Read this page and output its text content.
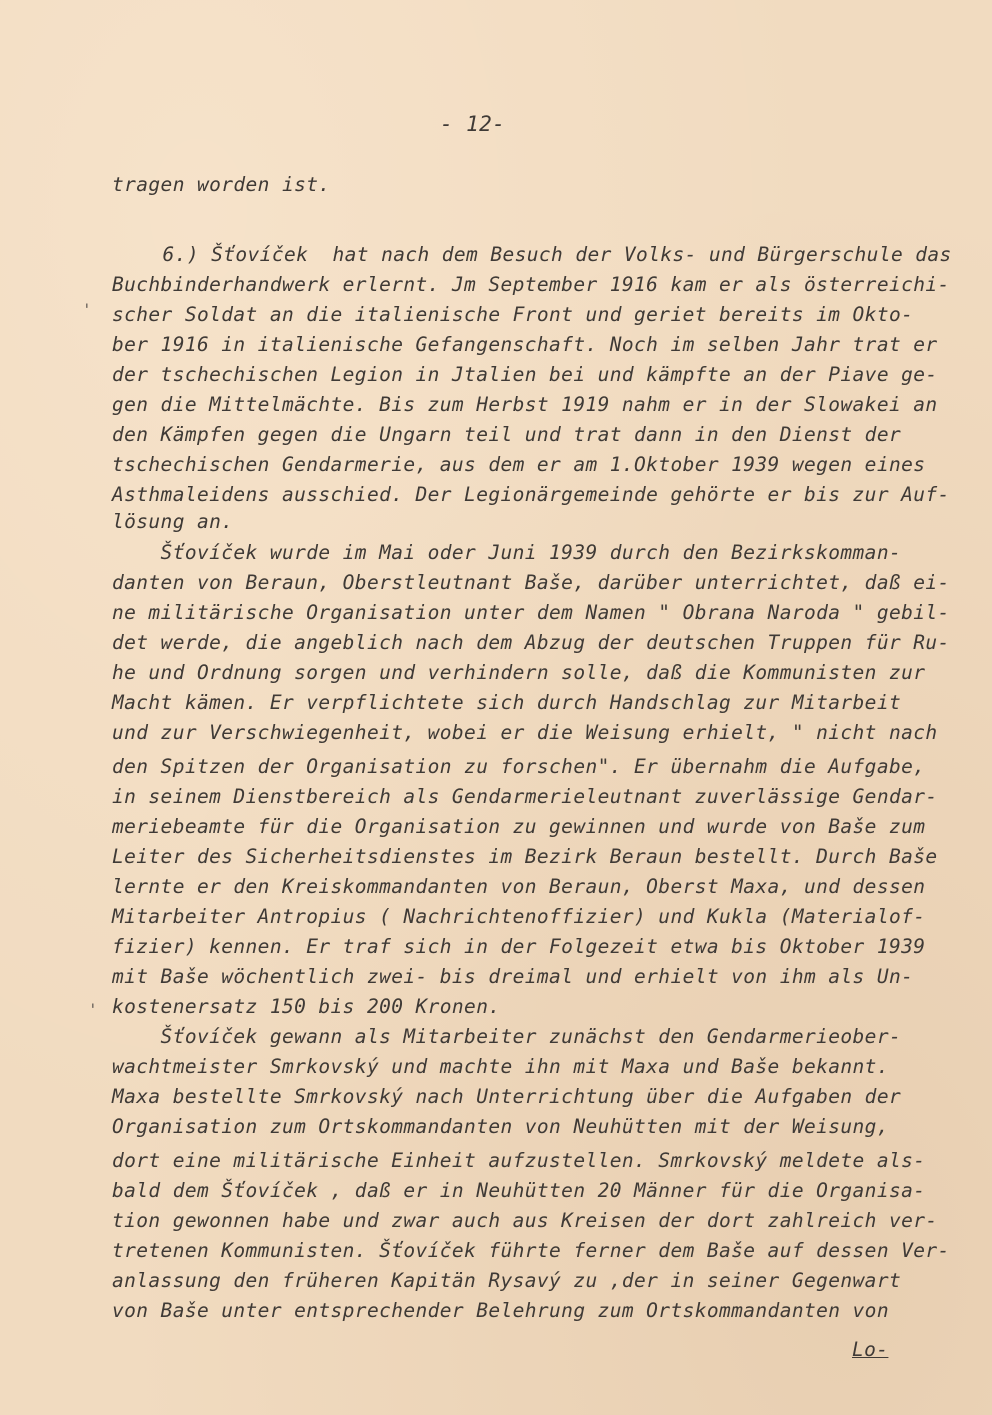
- 12-
tragen worden ist.
6.) Šťovíček  hat nach dem Besuch der Volks- und Bürgerschule das
Buchbinderhandwerk erlernt. Jm September 1916 kam er als österreichi-
scher Soldat an die italienische Front und geriet bereits im Okto-
ber 1916 in italienische Gefangenschaft. Noch im selben Jahr trat er
der tschechischen Legion in Jtalien bei und kämpfte an der Piave ge-
gen die Mittelmächte. Bis zum Herbst 1919 nahm er in der Slowakei an
den Kämpfen gegen die Ungarn teil und trat dann in den Dienst der
tschechischen Gendarmerie, aus dem er am 1.Oktober 1939 wegen eines
Asthmaleidens ausschied. Der Legionärgemeinde gehörte er bis zur Auf-
lösung an.
Šťovíček wurde im Mai oder Juni 1939 durch den Bezirkskomman-
danten von Beraun, Oberstleutnant Baše, darüber unterrichtet, daß ei-
ne militärische Organisation unter dem Namen " Obrana Naroda " gebil-
det werde, die angeblich nach dem Abzug der deutschen Truppen für Ru-
he und Ordnung sorgen und verhindern solle, daß die Kommunisten zur
Macht kämen. Er verpflichtete sich durch Handschlag zur Mitarbeit
und zur Verschwiegenheit, wobei er die Weisung erhielt, " nicht nach
den Spitzen der Organisation zu forschen". Er übernahm die Aufgabe,
in seinem Dienstbereich als Gendarmerieleutnant zuverlässige Gendar-
meriebeamte für die Organisation zu gewinnen und wurde von Baše zum
Leiter des Sicherheitsdienstes im Bezirk Beraun bestellt. Durch Baše
lernte er den Kreiskommandanten von Beraun, Oberst Maxa, und dessen
Mitarbeiter Antropius ( Nachrichtenoffizier) und Kukla (Materialof-
fizier) kennen. Er traf sich in der Folgezeit etwa bis Oktober 1939
mit Baše wöchentlich zwei- bis dreimal und erhielt von ihm als Un-
kostenersatz 150 bis 200 Kronen.
Šťovíček gewann als Mitarbeiter zunächst den Gendarmerieober-
wachtmeister Smrkovský und machte ihn mit Maxa und Baše bekannt.
Maxa bestellte Smrkovský nach Unterrichtung über die Aufgaben der
Organisation zum Ortskommandanten von Neuhütten mit der Weisung,
dort eine militärische Einheit aufzustellen. Smrkovský meldete als-
bald dem Šťovíček , daß er in Neuhütten 20 Männer für die Organisa-
tion gewonnen habe und zwar auch aus Kreisen der dort zahlreich ver-
tretenen Kommunisten. Šťovíček führte ferner dem Baše auf dessen Ver-
anlassung den früheren Kapitän Rysavý zu ,der in seiner Gegenwart
von Baše unter entsprechender Belehrung zum Ortskommandanten von
Lo-
'
'
